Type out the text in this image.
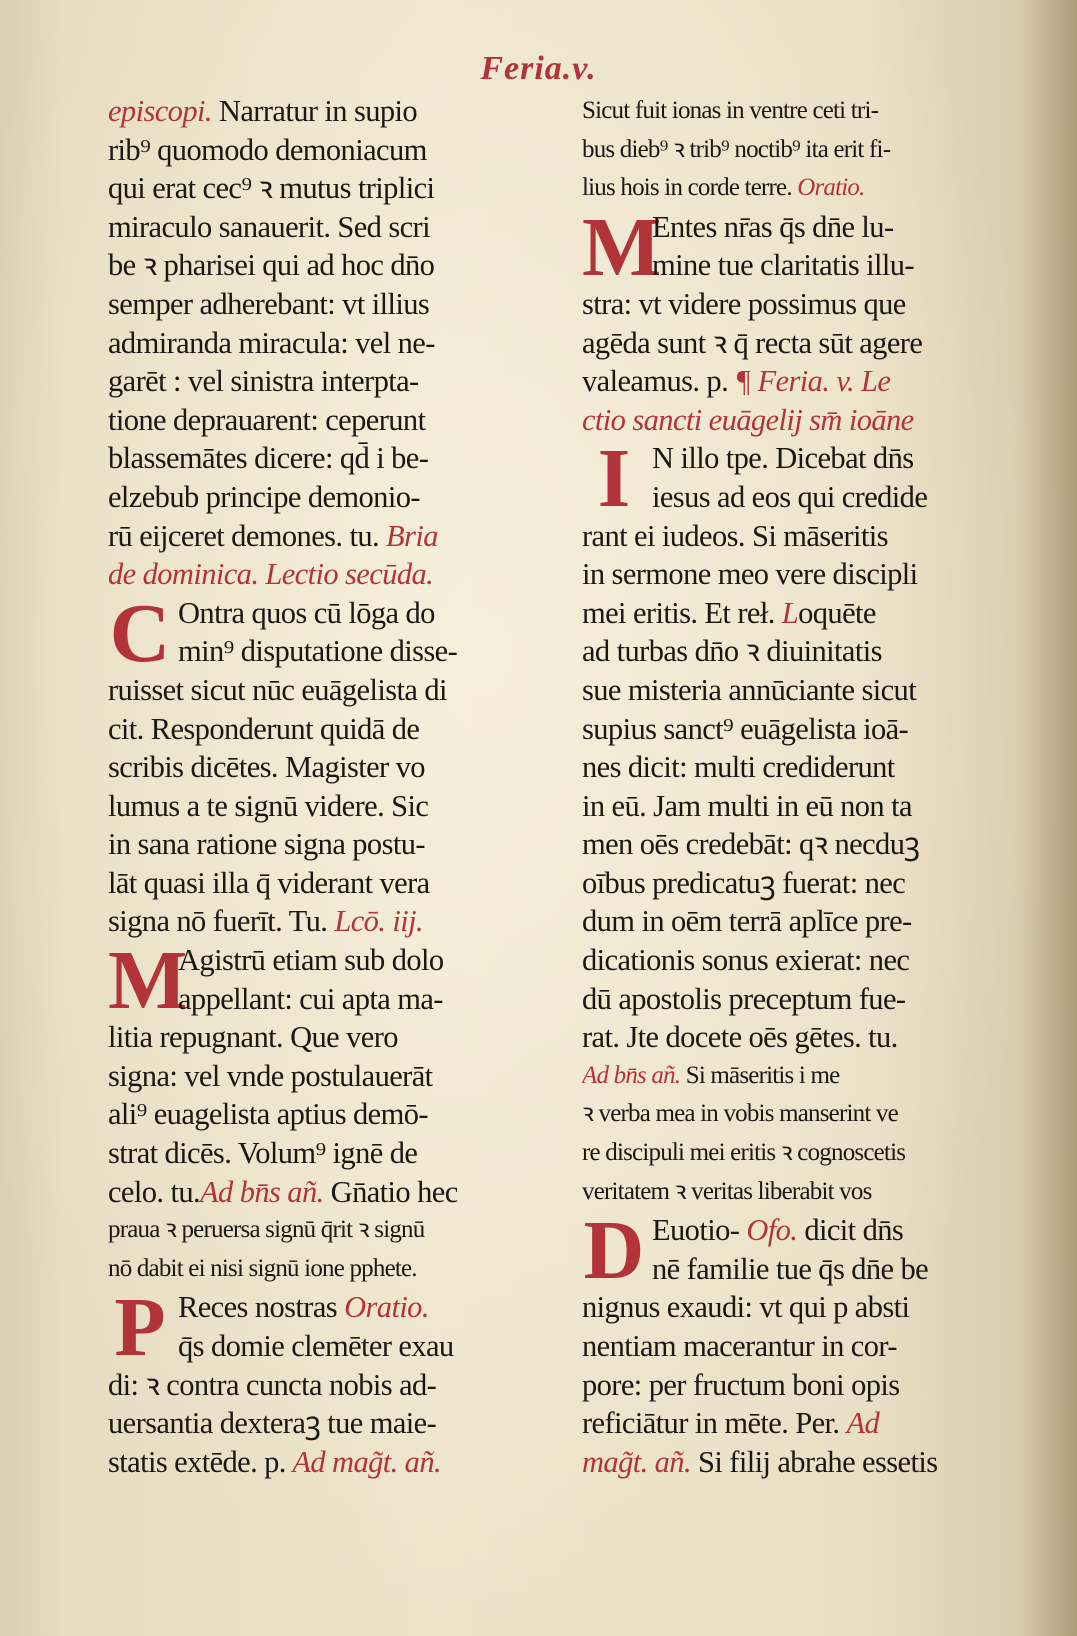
Feria.v.
episcopi. Narratur in supio
rib⁹ quomodo demoniacum
qui erat cec⁹ ꝛ mutus triplici
miraculo sanauerit. Sed scri
be ꝛ pharisei qui ad hoc dn̄o
semper adherebant: vt illius
admiranda miracula: vel ne-
garēt : vel sinistra interpta-
tione deprauarent: ceperunt
blassemātes dicere: qd̄ i be-
elzebub principe demonio-
rū eijceret demones. tu. Bria
de dominica. Lectio secūda.
C Ontra quos cū lōga do
min⁹ disputatione disse-
ruisset sicut nūc euāgelista di
cit. Responderunt quidā de
scribis dicētes. Magister vo
lumus a te signū videre. Sic
in sana ratione signa postu-
lāt quasi illa q̄ viderant vera
signa nō fuerīt. Tu. Lcō. iij.
M
Agistrū etiam sub dolo
appellant: cui apta ma-
litia repugnant. Que vero
signa: vel vnde postulauerāt
ali⁹ euagelista aptius demō-
strat dicēs. Volum⁹ ignē de
celo. tu.Ad bn̄s añ. Gn̄atio hec
praua ꝛ peruersa signū q̄rit ꝛ signū
nō dabit ei nisi signū ione pphete.
P Reces nostras Oratio.
q̄s domie clemēter exau
di: ꝛ contra cuncta nobis ad-
uersantia dexteraꝫ tue maie-
statis extēde. p. Ad mag̃t. añ.
Sicut fuit ionas in ventre ceti tri-
bus dieb⁹ ꝛ trib⁹ noctib⁹ ita erit fi-
lius hois in corde terre. Oratio.
M
Entes nr̄as q̄s dn̄e lu-
mine tue claritatis illu-
stra: vt videre possimus que
agēda sunt ꝛ q̄ recta sūt agere
valeamus. p. ¶ Feria. v. Le
ctio sancti euāgelij sm̄ ioāne
I N illo tpe. Dicebat dn̄s
iesus ad eos qui credide
rant ei iudeos. Si māseritis
in sermone meo vere discipli
mei eritis. Et reł. Loquēte
ad turbas dn̄o ꝛ diuinitatis
sue misteria annūciante sicut
supius sanct⁹ euāgelista ioā-
nes dicit: multi crediderunt
in eū. Jam multi in eū non ta
men oēs credebāt: qꝛ necduꝫ
oībus predicatuꝫ fuerat: nec
dum in oēm terrā aplīce pre-
dicationis sonus exierat: nec
dū apostolis preceptum fue-
rat. Jte docete oēs gētes. tu.
Ad bn̄s añ. Si māseritis i me
ꝛ verba mea in vobis manserint ve
re discipuli mei eritis ꝛ cognoscetis
veritatem ꝛ veritas liberabit vos
D Euotio- Ofo. dicit dn̄s
nē familie tue q̄s dn̄e be
nignus exaudi: vt qui p absti
nentiam macerantur in cor-
pore: per fructum boni opis
reficiātur in mēte. Per. Ad
mag̃t. añ. Si filij abrahe essetis
